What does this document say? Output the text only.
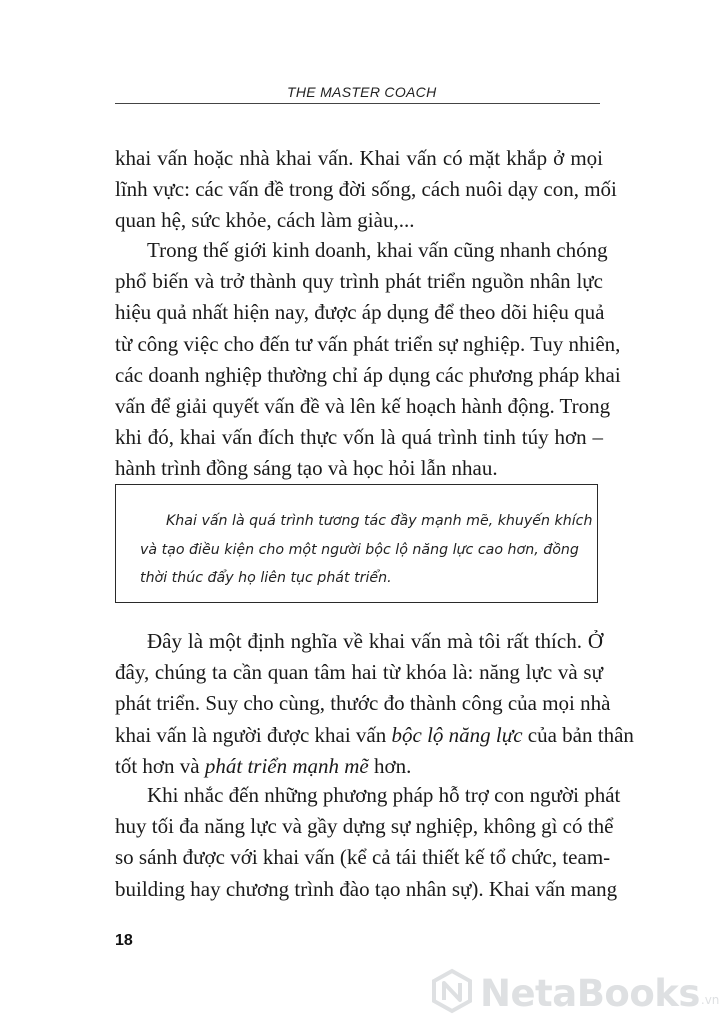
THE MASTER COACH
khai vấn hoặc nhà khai vấn. Khai vấn có mặt khắp ở mọi
lĩnh vực: các vấn đề trong đời sống, cách nuôi dạy con, mối
quan hệ, sức khỏe, cách làm giàu,...
Trong thế giới kinh doanh, khai vấn cũng nhanh chóng
phổ biến và trở thành quy trình phát triển nguồn nhân lực
hiệu quả nhất hiện nay, được áp dụng để theo dõi hiệu quả
từ công việc cho đến tư vấn phát triển sự nghiệp. Tuy nhiên,
các doanh nghiệp thường chỉ áp dụng các phương pháp khai
vấn để giải quyết vấn đề và lên kế hoạch hành động. Trong
khi đó, khai vấn đích thực vốn là quá trình tinh túy hơn –
hành trình đồng sáng tạo và học hỏi lẫn nhau.
Khai vấn là quá trình tương tác đầy mạnh mẽ, khuyến khích
và tạo điều kiện cho một người bộc lộ năng lực cao hơn, đồng
thời thúc đẩy họ liên tục phát triển.
Đây là một định nghĩa về khai vấn mà tôi rất thích. Ở
đây, chúng ta cần quan tâm hai từ khóa là: năng lực và sự
phát triển. Suy cho cùng, thước đo thành công của mọi nhà
khai vấn là người được khai vấn bộc lộ năng lực của bản thân
tốt hơn và phát triển mạnh mẽ hơn.
Khi nhắc đến những phương pháp hỗ trợ con người phát
huy tối đa năng lực và gầy dựng sự nghiệp, không gì có thể
so sánh được với khai vấn (kể cả tái thiết kế tổ chức, team-
building hay chương trình đào tạo nhân sự). Khai vấn mang
18
NetaBooks .vn
